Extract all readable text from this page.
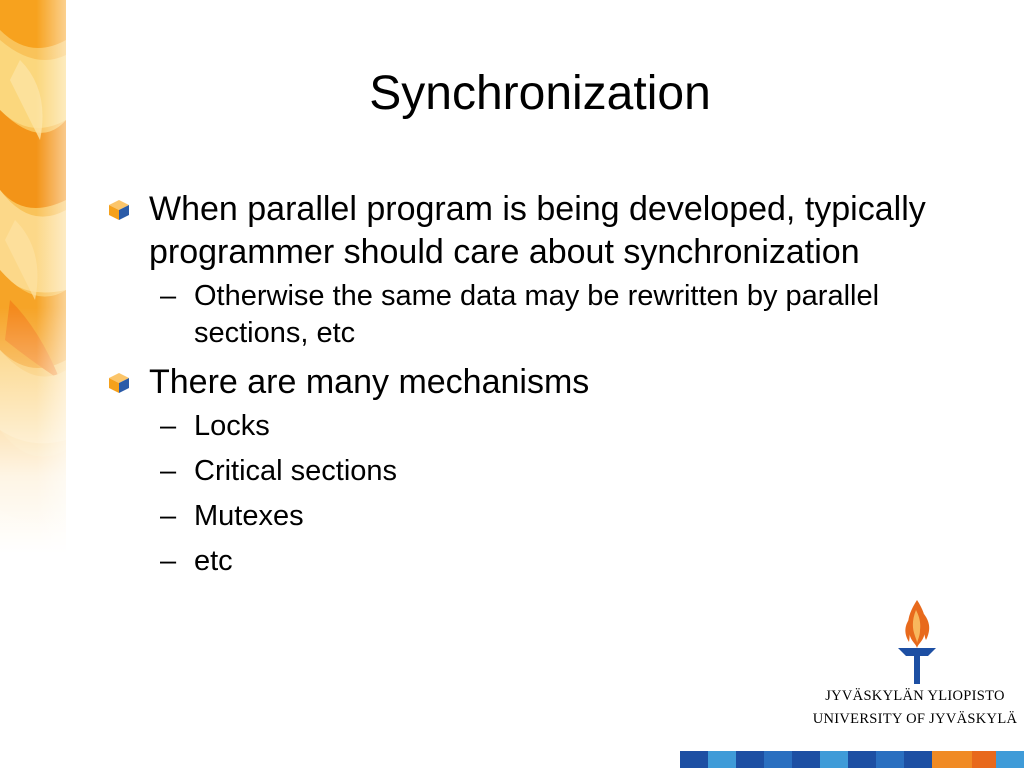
Synchronization
When parallel program is being developed, typically programmer should care about synchronization
– Otherwise the same data may be rewritten by parallel sections, etc
There are many mechanisms
– Locks
– Critical sections
– Mutexes
– etc
JYVÄSKYLÄN YLIOPISTO
UNIVERSITY OF JYVÄSKYLÄ
